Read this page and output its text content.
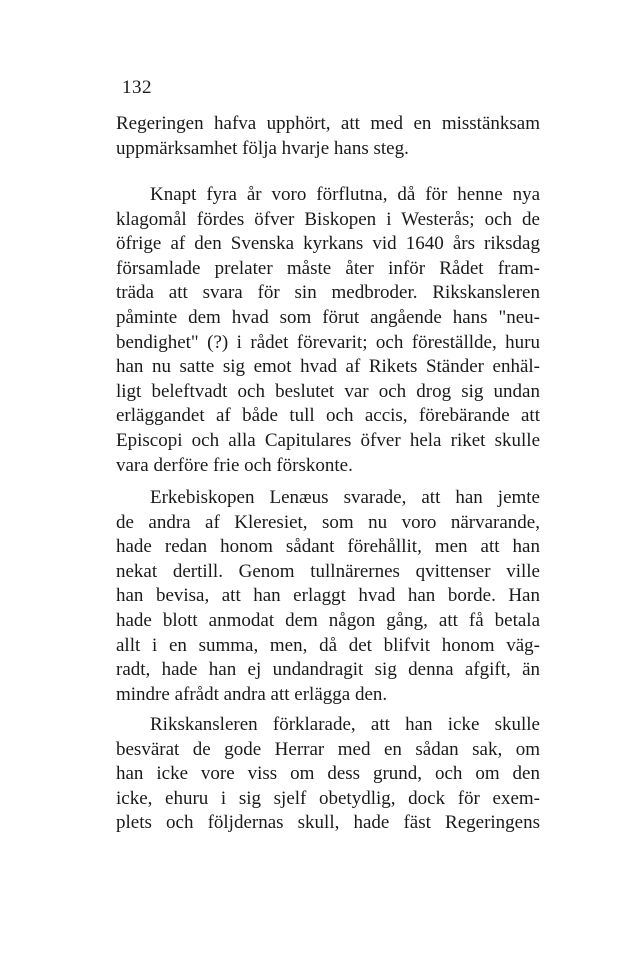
132
Regeringen hafva upphört, att med en misstänksam
uppmärksamhet följa hvarje hans steg.
Knapt fyra år voro förflutna, då för henne nya
klagomål fördes öfver Biskopen i Westerås; och de
öfrige af den Svenska kyrkans vid 1640 års riksdag
församlade prelater måste åter inför Rådet fram-
träda att svara för sin medbroder. Rikskansleren
påminte dem hvad som förut angående hans "neu-
bendighet" (?) i rådet förevarit; och föreställde, huru
han nu satte sig emot hvad af Rikets Ständer enhäl-
ligt beleftvadt och beslutet var och drog sig undan
erläggandet af både tull och accis, förebärande att
Episcopi och alla Capitulares öfver hela riket skulle
vara derföre frie och förskonte.
Erkebiskopen Lenæus svarade, att han jemte
de andra af Kleresiet, som nu voro närvarande,
hade redan honom sådant förehållit, men att han
nekat dertill. Genom tullnärernes qvittenser ville
han bevisa, att han erlaggt hvad han borde. Han
hade blott anmodat dem någon gång, att få betala
allt i en summa, men, då det blifvit honom väg-
radt, hade han ej undandragit sig denna afgift, än
mindre afrådt andra att erlägga den.
Rikskansleren förklarade, att han icke skulle
besvärat de gode Herrar med en sådan sak, om
han icke vore viss om dess grund, och om den
icke, ehuru i sig sjelf obetydlig, dock för exem-
plets och följdernas skull, hade fäst Regeringens
